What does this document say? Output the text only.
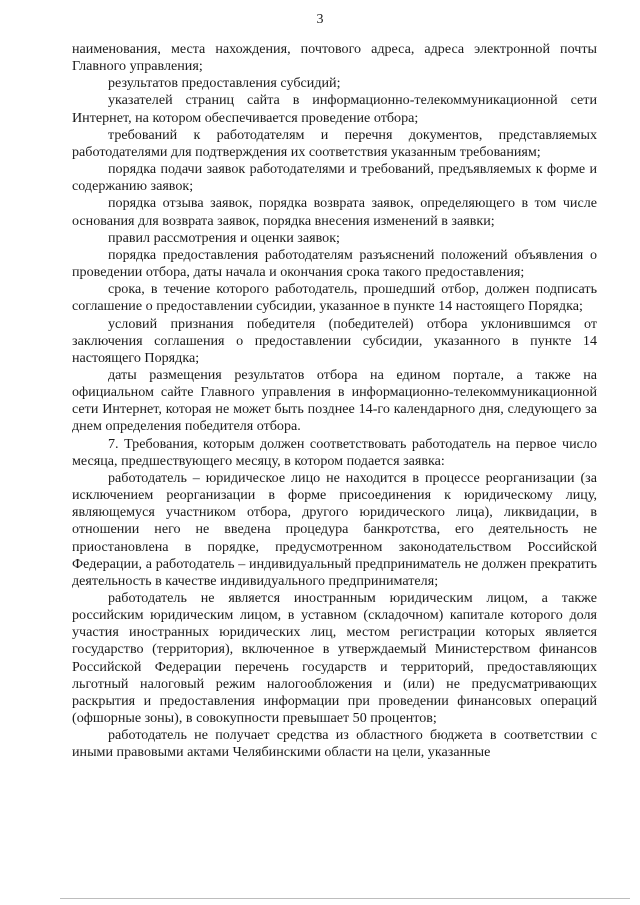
3

наименования, места нахождения, почтового адреса, адреса электронной почты Главного управления;

результатов предоставления субсидий;

указателей страниц сайта в информационно-телекоммуникационной сети Интернет, на котором обеспечивается проведение отбора;

требований к работодателям и перечня документов, представляемых работодателями для подтверждения их соответствия указанным требованиям;

порядка подачи заявок работодателями и требований, предъявляемых к форме и содержанию заявок;

порядка отзыва заявок, порядка возврата заявок, определяющего в том числе основания для возврата заявок, порядка внесения изменений в заявки;

правил рассмотрения и оценки заявок;

порядка предоставления работодателям разъяснений положений объявления о проведении отбора, даты начала и окончания срока такого предоставления;

срока, в течение которого работодатель, прошедший отбор, должен подписать соглашение о предоставлении субсидии, указанное в пункте 14 настоящего Порядка;

условий признания победителя (победителей) отбора уклонившимся от заключения соглашения о предоставлении субсидии, указанного в пункте 14 настоящего Порядка;

даты размещения результатов отбора на едином портале, а также на официальном сайте Главного управления в информационно-телекоммуникационной сети Интернет, которая не может быть позднее 14-го календарного дня, следующего за днем определения победителя отбора.

7. Требования, которым должен соответствовать работодатель на первое число месяца, предшествующего месяцу, в котором подается заявка:

работодатель – юридическое лицо не находится в процессе реорганизации (за исключением реорганизации в форме присоединения к юридическому лицу, являющемуся участником отбора, другого юридического лица), ликвидации, в отношении него не введена процедура банкротства, его деятельность не приостановлена в порядке, предусмотренном законодательством Российской Федерации, а работодатель – индивидуальный предприниматель не должен прекратить деятельность в качестве индивидуального предпринимателя;

работодатель не является иностранным юридическим лицом, а также российским юридическим лицом, в уставном (складочном) капитале которого доля участия иностранных юридических лиц, местом регистрации которых является государство (территория), включенное в утверждаемый Министерством финансов Российской Федерации перечень государств и территорий, предоставляющих льготный налоговый режим налогообложения и (или) не предусматривающих раскрытия и предоставления информации при проведении финансовых операций (офшорные зоны), в совокупности превышает 50 процентов;

работодатель не получает средства из областного бюджета в соответствии с иными правовыми актами Челябинскими области на цели, указанные
